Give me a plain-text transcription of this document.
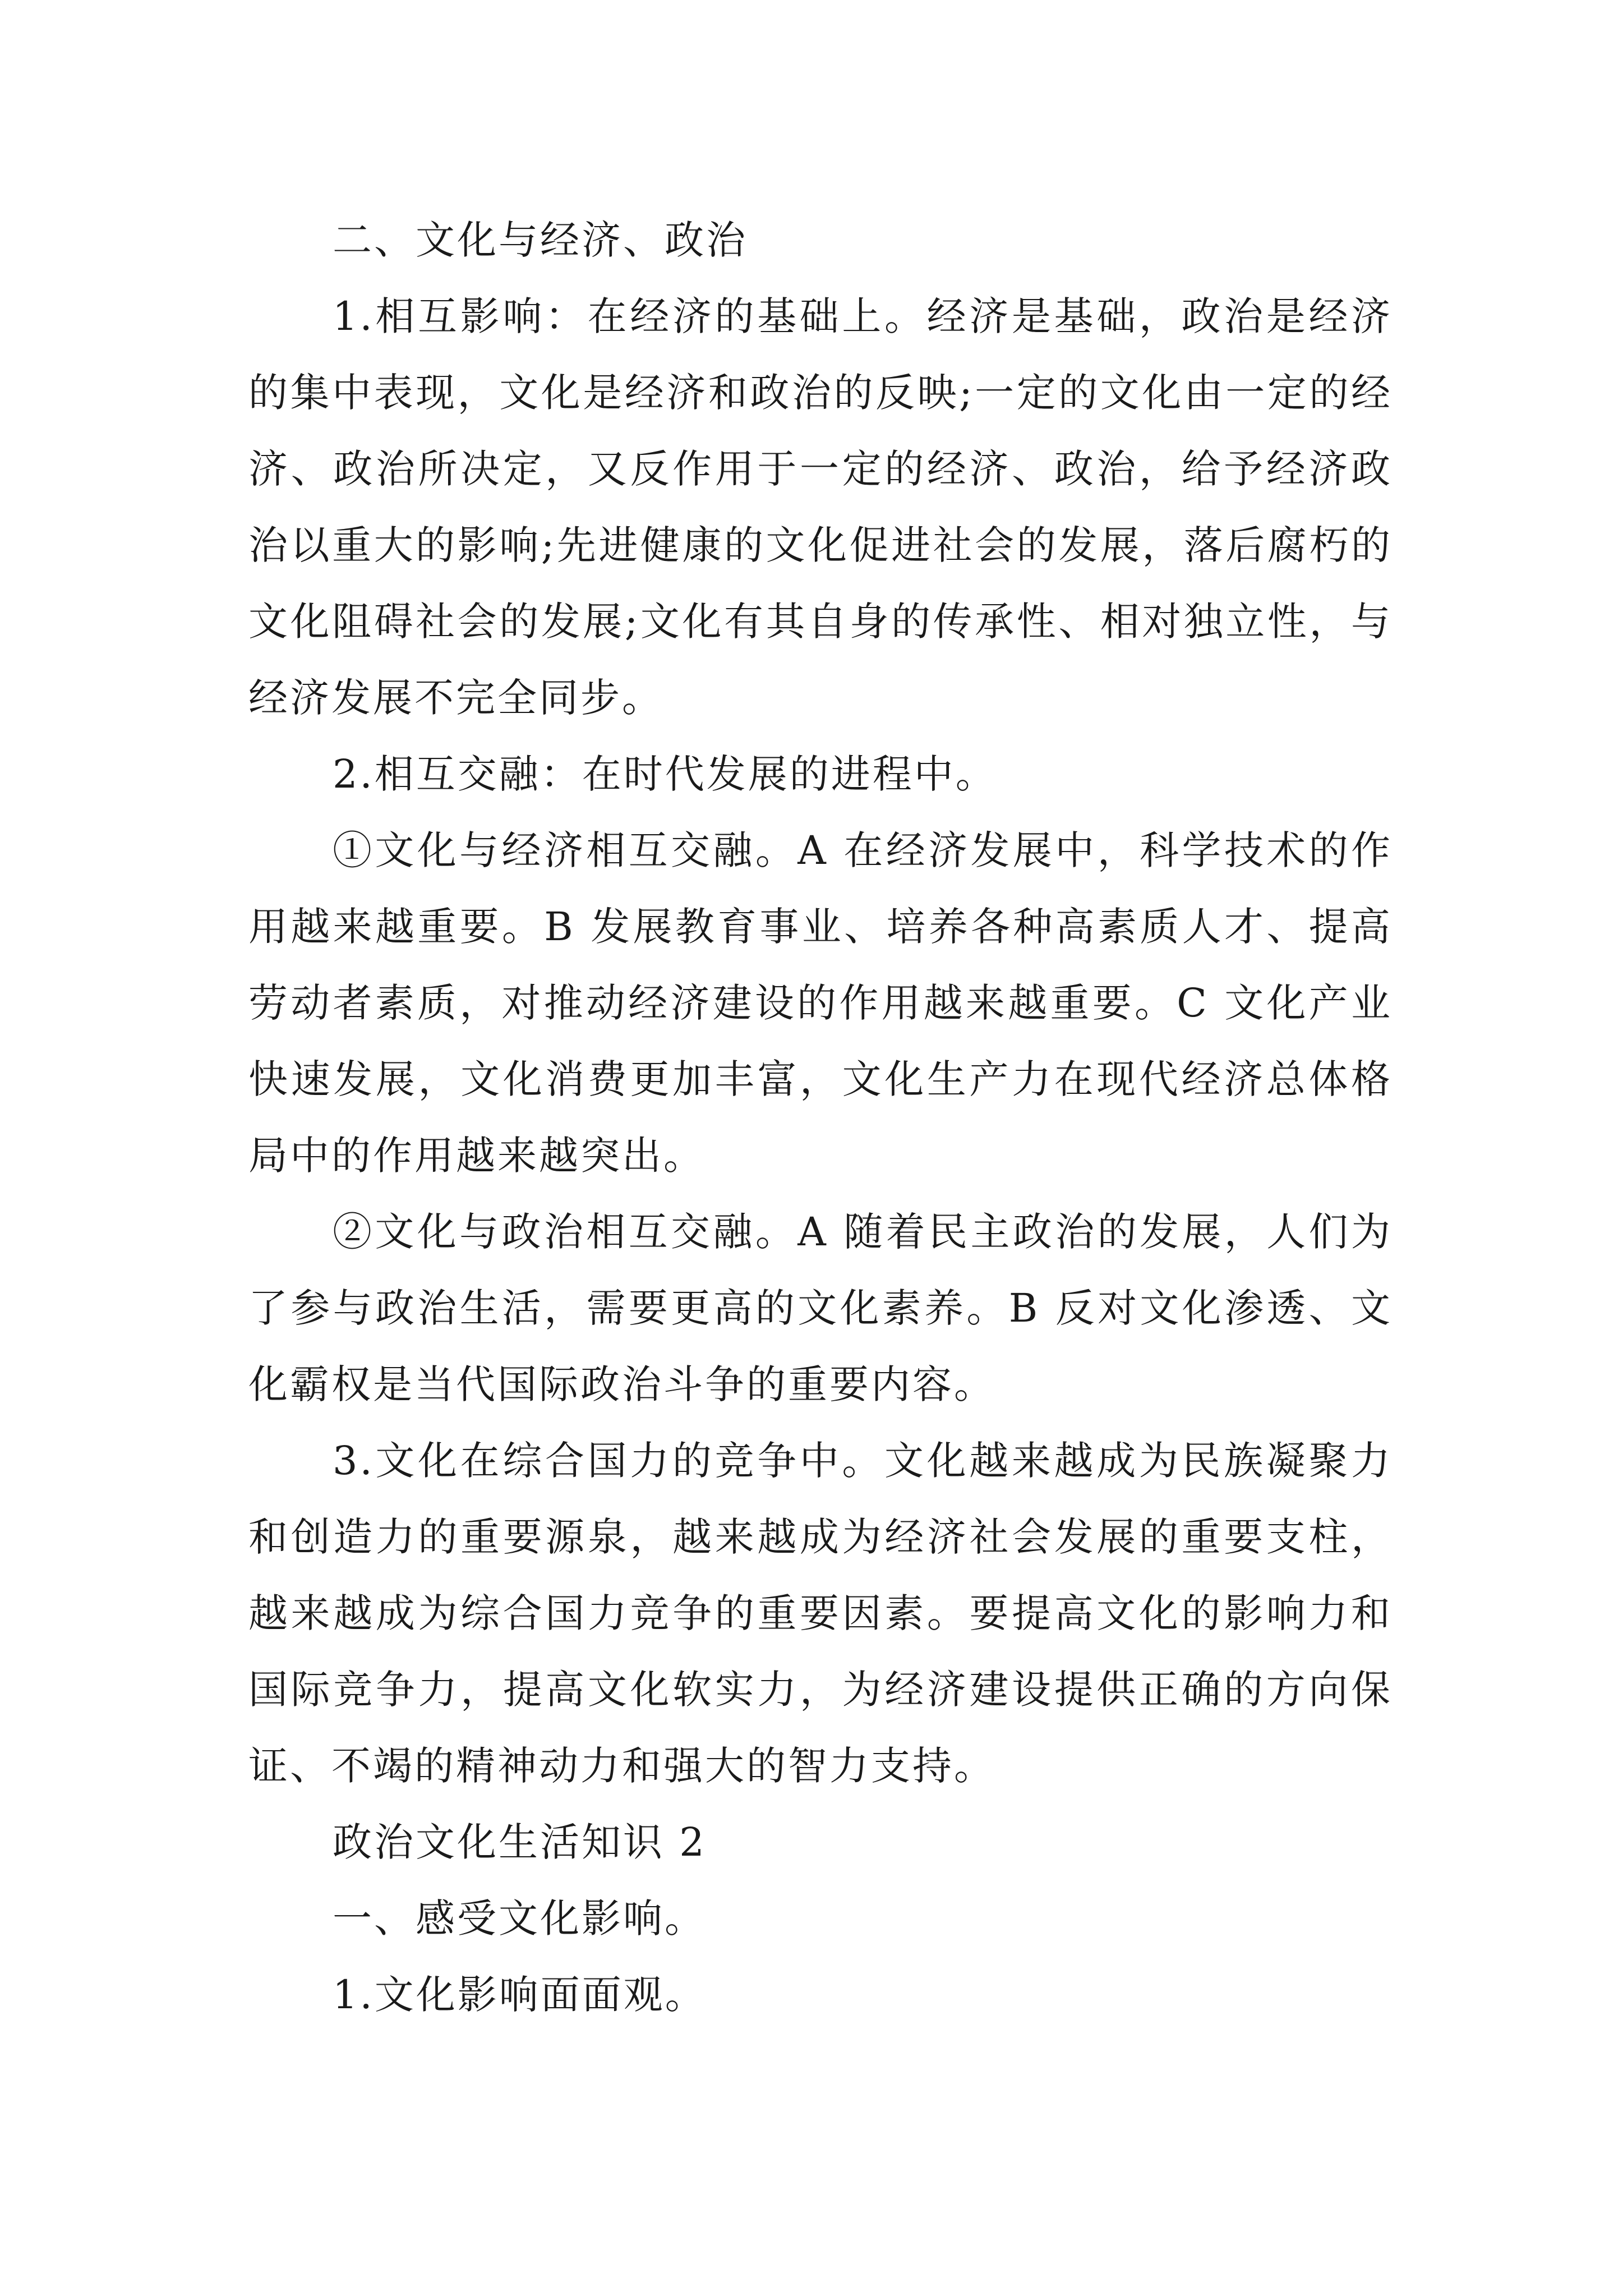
二、文化与经济、政治

1.相互影响：在经济的基础上。经济是基础，政治是经济的集中表现，文化是经济和政治的反映;一定的文化由一定的经济、政治所决定，又反作用于一定的经济、政治，给予经济政治以重大的影响;先进健康的文化促进社会的发展，落后腐朽的文化阻碍社会的发展;文化有其自身的传承性、相对独立性，与经济发展不完全同步。

2.相互交融：在时代发展的进程中。

①文化与经济相互交融。A 在经济发展中，科学技术的作用越来越重要。B 发展教育事业、培养各种高素质人才、提高劳动者素质，对推动经济建设的作用越来越重要。C 文化产业快速发展，文化消费更加丰富，文化生产力在现代经济总体格局中的作用越来越突出。

②文化与政治相互交融。A 随着民主政治的发展，人们为了参与政治生活，需要更高的文化素养。B 反对文化渗透、文化霸权是当代国际政治斗争的重要内容。

3.文化在综合国力的竞争中。文化越来越成为民族凝聚力和创造力的重要源泉，越来越成为经济社会发展的重要支柱，越来越成为综合国力竞争的重要因素。要提高文化的影响力和国际竞争力，提高文化软实力，为经济建设提供正确的方向保证、不竭的精神动力和强大的智力支持。

政治文化生活知识 2

一、感受文化影响。

1.文化影响面面观。
